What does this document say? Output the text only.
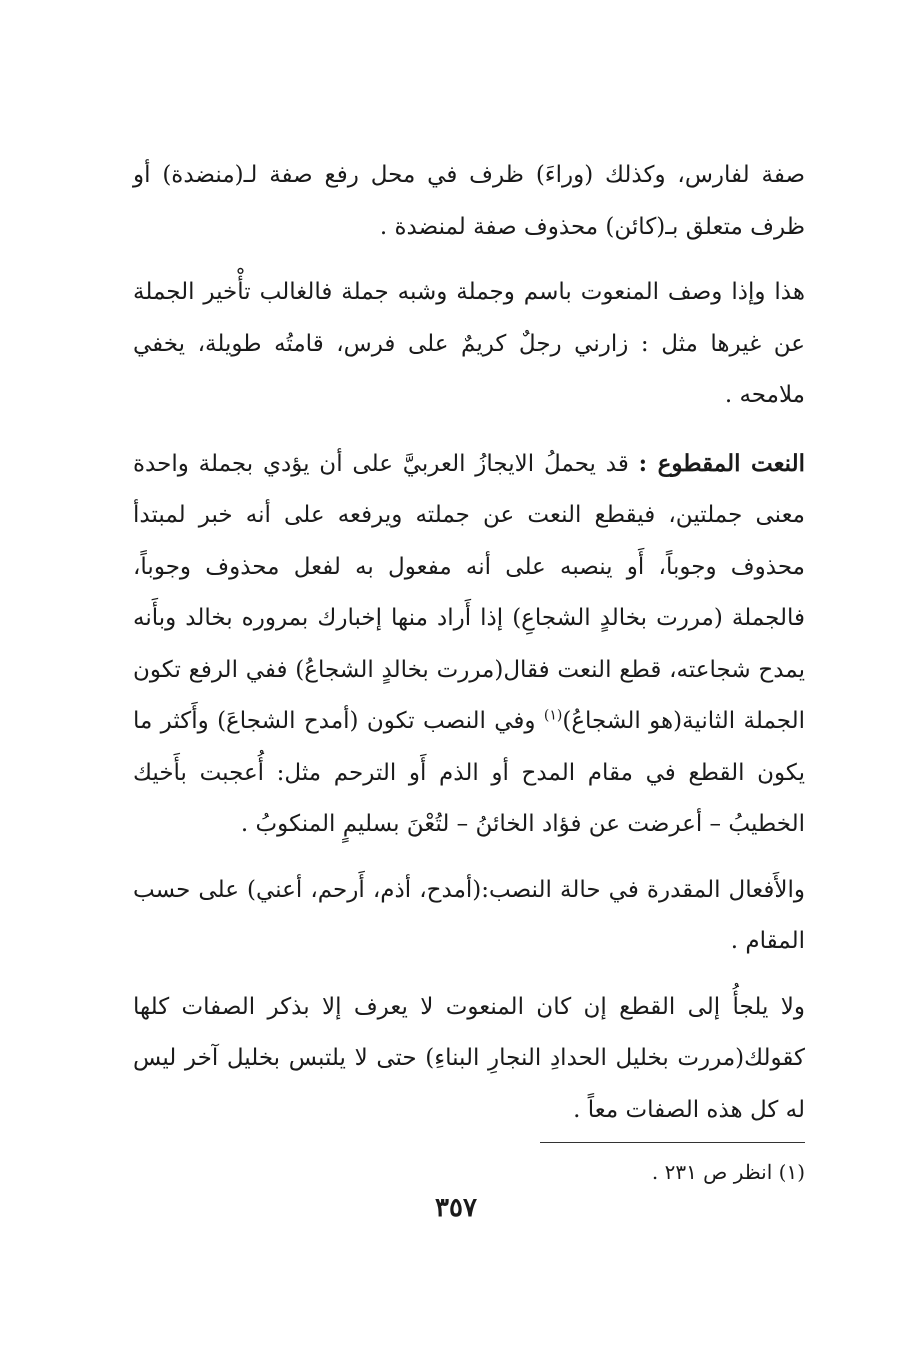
صفة لفارس، وكذلك (وراءَ) ظرف في محل رفع صفة لـ(منضدة) أو ظرف متعلق بـ(كائن) محذوف صفة لمنضدة .

هذا وإذا وصف المنعوت باسم وجملة وشبه جملة فالغالب تأْخير الجملة عن غيرها مثل : زارني رجلٌ كريمٌ على فرس، قامتُه طويلة، يخفي ملامحه .

النعت المقطوع : قد يحملُ الايجازُ العربيَّ على أن يؤدي بجملة واحدة معنى جملتين، فيقطع النعت عن جملته ويرفعه على أنه خبر لمبتدأ محذوف وجوباً، أَو ينصبه على أنه مفعول به لفعل محذوف وجوباً، فالجملة (مررت بخالدٍ الشجاعِ) إذا أَراد منها إخبارك بمروره بخالد وبأَنه يمدح شجاعته، قطع النعت فقال(مررت بخالدٍ الشجاعُ) ففي الرفع تكون الجملة الثانية(هو الشجاعُ)$^{(١)}$ وفي النصب تكون (أمدح الشجاعَ) وأَكثر ما يكون القطع في مقام المدح أو الذم أَو الترحم مثل: أُعجبت بأَخيك الخطيبُ – أعرضت عن فؤاد الخائنُ – لتُعْنَ بسليمٍ المنكوبُ .

والأَفعال المقدرة في حالة النصب:(أمدح، أذم، أَرحم، أعني) على حسب المقام .

ولا يلجأُ إلى القطع إن كان المنعوت لا يعرف إلا بذكر الصفات كلها كقولك(مررت بخليل الحدادِ النجارِ البناءِ) حتى لا يلتبس بخليل آخر ليس له كل هذه الصفات معاً .

(١) انظر ص ٢٣١ .
٣٥٧
